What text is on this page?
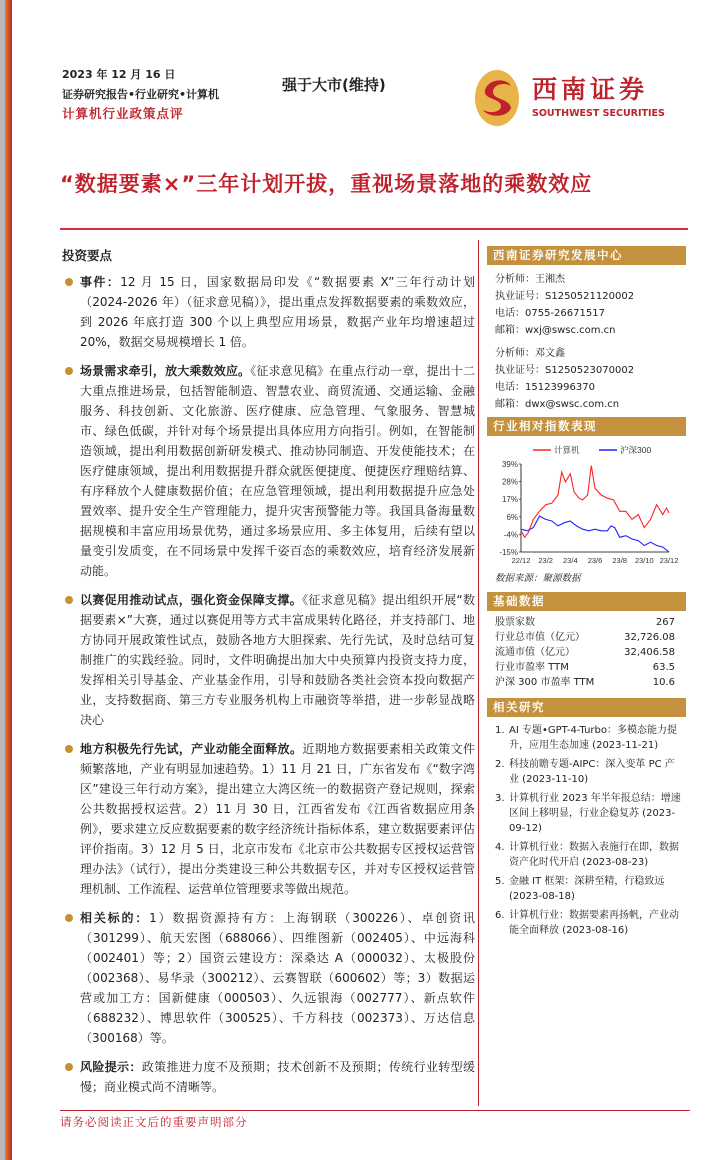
2023 年 12 月 16 日
证券研究报告•行业研究•计算机
计算机行业政策点评
强于大市(维持)	西南证券
SOUTHWEST SECURITIES
“数据要素×”三年计划开拔，重视场景落地的乘数效应
投资要点
事件：12 月 15 日，国家数据局印发《“数据要素 X”三年行动计划（2024-2026 年）（征求意见稿）》，提出重点发挥数据要素的乘数效应，到 2026 年底打造 300 个以上典型应用场景，数据产业年均增速超过 20%，数据交易规模增长 1 倍。
场景需求牵引，放大乘数效应。《征求意见稿》在重点行动一章，提出十二大重点推进场景，包括智能制造、智慧农业、商贸流通、交通运输、金融服务、科技创新、文化旅游、医疗健康、应急管理、气象服务、智慧城市、绿色低碳，并针对每个场景提出具体应用方向指引。例如，在智能制造领域，提出利用数据创新研发模式、推动协同制造、开发使能技术；在医疗健康领域，提出利用数据提升群众就医便捷度、便捷医疗理赔结算、有序释放个人健康数据价值；在应急管理领域，提出利用数据提升应急处置效率、提升安全生产管理能力，提升灾害预警能力等。我国具备海量数据规模和丰富应用场景优势，通过多场景应用、多主体复用，后续有望以量变引发质变，在不同场景中发挥千姿百态的乘数效应，培育经济发展新动能。
以赛促用推动试点，强化资金保障支撑。《征求意见稿》提出组织开展“数据要素×”大赛，通过以赛促用等方式丰富成果转化路径，并支持部门、地方协同开展政策性试点，鼓励各地方大胆探索、先行先试，及时总结可复制推广的实践经验。同时，文件明确提出加大中央预算内投资支持力度，发挥相关引导基金、产业基金作用，引导和鼓励各类社会资本投向数据产业，支持数据商、第三方专业服务机构上市融资等举措，进一步彰显战略决心
地方积极先行先试，产业动能全面释放。近期地方数据要素相关政策文件频繁落地，产业有明显加速趋势。1）11 月 21 日，广东省发布《“数字湾区”建设三年行动方案》，提出建立大湾区统一的数据资产登记规则，探索公共数据授权运营。2）11 月 30 日，江西省发布《江西省数据应用条例》，要求建立反应数据要素的数字经济统计指标体系，建立数据要素评估评价指南。3）12 月 5 日，北京市发布《北京市公共数据专区授权运营管理办法》（试行），提出分类建设三种公共数据专区，并对专区授权运营管理机制、工作流程、运营单位管理要求等做出规范。
相关标的：1）数据资源持有方：上海钢联（300226）、卓创资讯（301299）、航天宏图（688066）、四维图新（002405）、中远海科（002401）等；2）国资云建设方：深桑达 A（000032）、太极股份（002368）、易华录（300212）、云赛智联（600602）等；3）数据运营或加工方：国新健康（000503）、久远银海（002777）、新点软件（688232）、博思软件（300525）、千方科技（002373）、万达信息（300168）等。
风险提示：政策推进力度不及预期；技术创新不及预期；传统行业转型缓慢；商业模式尚不清晰等。
西南证券研究发展中心
分析师：王湘杰
执业证号：S1250521120002
电话：0755-26671517
邮箱：wxj@swsc.com.cn
分析师：邓文鑫
执业证号：S1250523070002
电话：15123996370
邮箱：dwx@swsc.com.cn
行业相对指数表现
计算机	沪深300
39%
28%
17%
6%
-4%
-15%
22/12 23/2 23/4 23/6 23/8 23/10 23/12
数据来源：聚源数据
基础数据
股票家数	267
行业总市值（亿元）	32,726.08
流通市值（亿元）	32,406.58
行业市盈率 TTM	63.5
沪深 300 市盈率 TTM	10.6
相关研究
1. AI 专题•GPT-4-Turbo：多模态能力提升，应用生态加速 (2023-11-21)
2. 科技前瞻专题-AIPC：深入变革 PC 产业 (2023-11-10)
3. 计算机行业 2023 年半年报总结：增速区间上移明显，行业企稳复苏 (2023-09-12)
4. 计算机行业：数据入表施行在即，数据资产化时代开启 (2023-08-23)
5. 金融 IT 框架：深耕至精，行稳致远 (2023-08-18)
6. 计算机行业：数据要素再扬帆，产业动能全面释放 (2023-08-16)
请务必阅读正文后的重要声明部分
